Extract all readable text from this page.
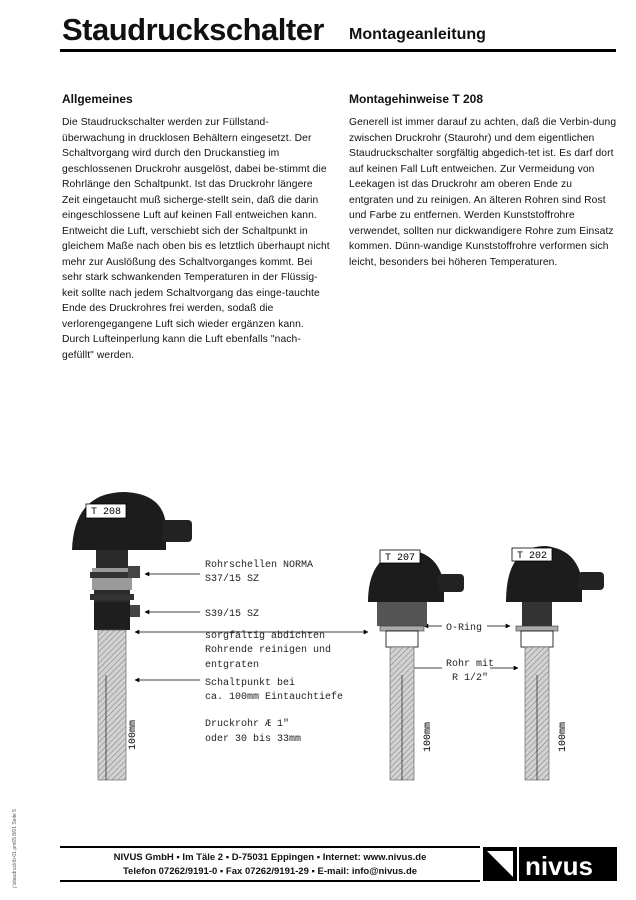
Staudruckschalter Montageanleitung
Allgemeines

Die Staudruckschalter werden zur Füllstand-überwachung in drucklosen Behältern eingesetzt. Der Schaltvorgang wird durch den Druckanstieg im geschlossenen Druckrohr ausgelöst, dabei be-stimmt die Rohrlänge den Schaltpunkt. Ist das Druckrohr längere Zeit eingetaucht muß sicherge-stellt sein, daß die darin eingeschlossene Luft auf keinen Fall entweichen kann. Entweicht die Luft, verschiebt sich der Schaltpunkt in gleichem Maße nach oben bis es letztlich überhaupt nicht mehr zur Auslößung des Schaltvorganges kommt. Bei sehr stark schwankenden Temperaturen in der Flüssig-keit sollte nach jedem Schaltvorgang das einge-tauchte Ende des Druckrohres frei werden, sodaß die verlorengegangene Luft sich wieder ergänzen kann.

Durch Lufteinperlung kann die Luft ebenfalls "nach-gefüllt" werden.

Montagehinweise T 208

Generell ist immer darauf zu achten, daß die Verbin-dung zwischen Druckrohr (Staurohr) und dem eigentlichen Staudruckschalter sorgfältig abgedich-tet ist. Es darf dort auf keinen Fall Luft entweichen. Zur Vermeidung von Leekagen ist das Druckrohr am oberen Ende zu entgraten und zu reinigen. An älteren Rohren sind Rost und Farbe zu entfernen. Werden Kunststoffrohre verwendet, sollten nur dickwandigere Rohre zum Einsatz kommen. Dünn-wandige Kunststoffrohre verformen sich leicht, besonders bei höheren Temperaturen.

T 208
100mm
Rohrschellen NORMA
S37/15 SZ
S39/15 SZ
sorgfältig abdichten
Rohrende reinigen und
entgraten
Schaltpunkt bei
ca. 100mm Eintauchtiefe
Druckrohr Æ 1"
oder 30 bis 33mm
O-Ring
Rohr mit
R 1/2"
T 207
100mm
T 202
100mm
NIVUS GmbH ▪ Im Täle 2 ▪ D-75031 Eppingen ▪ Internet: www.nivus.de
Telefon 07262/9191-0 ▪ Fax 07262/9191-29 ▪ E-mail: info@nivus.de
j:\staudruck\b-01.pm65 8/01 Seite 5	nivus ®
